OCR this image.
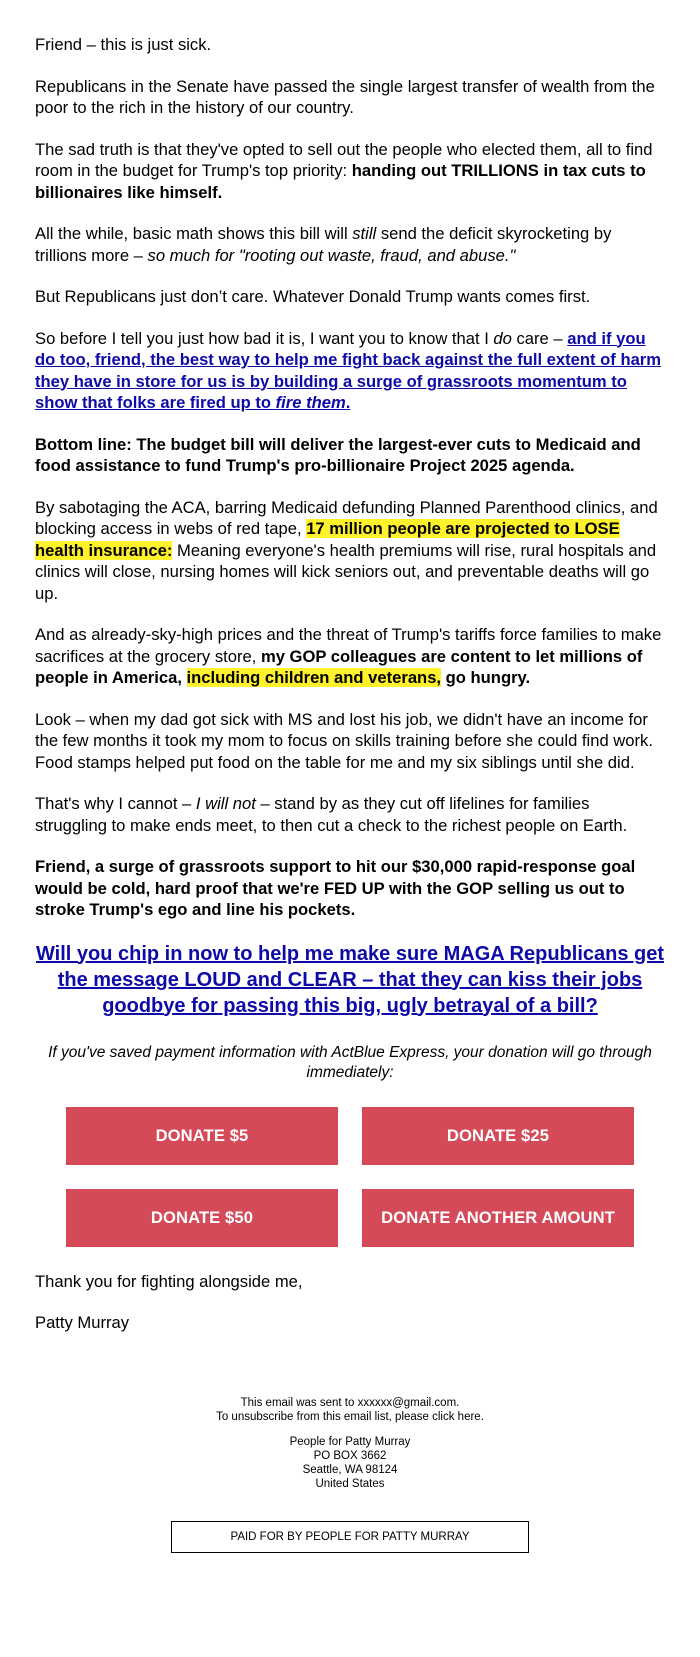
Friend – this is just sick.

Republicans in the Senate have passed the single largest transfer of wealth from the poor to the rich in the history of our country.

The sad truth is that they've opted to sell out the people who elected them, all to find room in the budget for Trump's top priority: handing out TRILLIONS in tax cuts to billionaires like himself.

All the while, basic math shows this bill will still send the deficit skyrocketing by trillions more – so much for "rooting out waste, fraud, and abuse."

But Republicans just don’t care. Whatever Donald Trump wants comes first.

So before I tell you just how bad it is, I want you to know that I do care – and if you do too, friend, the best way to help me fight back against the full extent of harm they have in store for us is by building a surge of grassroots momentum to show that folks are fired up to fire them.

Bottom line: The budget bill will deliver the largest-ever cuts to Medicaid and food assistance to fund Trump's pro-billionaire Project 2025 agenda.

By sabotaging the ACA, barring Medicaid defunding Planned Parenthood clinics, and blocking access in webs of red tape, 17 million people are projected to LOSE health insurance: Meaning everyone's health premiums will rise, rural hospitals and clinics will close, nursing homes will kick seniors out, and preventable deaths will go up.

And as already-sky-high prices and the threat of Trump's tariffs force families to make sacrifices at the grocery store, my GOP colleagues are content to let millions of people in America, including children and veterans, go hungry.

Look – when my dad got sick with MS and lost his job, we didn't have an income for the few months it took my mom to focus on skills training before she could find work. Food stamps helped put food on the table for me and my six siblings until she did.

That's why I cannot – I will not – stand by as they cut off lifelines for families struggling to make ends meet, to then cut a check to the richest people on Earth.

Friend, a surge of grassroots support to hit our $30,000 rapid-response goal would be cold, hard proof that we're FED UP with the GOP selling us out to stroke Trump's ego and line his pockets.

Will you chip in now to help me make sure MAGA Republicans get the message LOUD and CLEAR – that they can kiss their jobs goodbye for passing this big, ugly betrayal of a bill?

If you've saved payment information with ActBlue Express, your donation will go through immediately:

DONATE $5	DONATE $25
DONATE $50	DONATE ANOTHER AMOUNT

Thank you for fighting alongside me,

Patty Murray

This email was sent to xxxxxx@gmail.com.
To unsubscribe from this email list, please click here.
People for Patty Murray
PO BOX 3662
Seattle, WA 98124
United States
PAID FOR BY PEOPLE FOR PATTY MURRAY
